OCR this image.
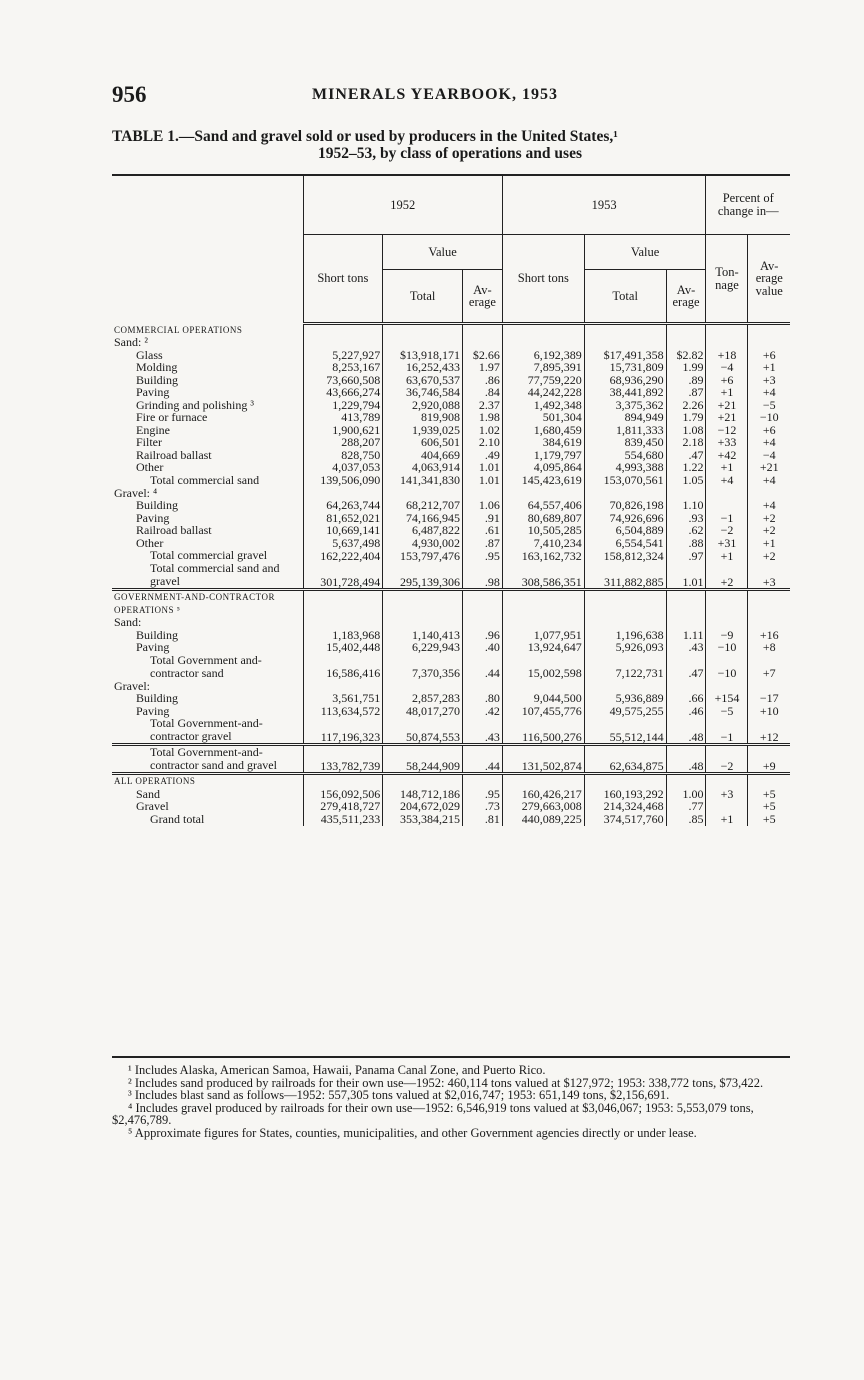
956	MINERALS YEARBOOK, 1953
TABLE 1.—Sand and gravel sold or used by producers in the United States,¹
1952–53, by class of operations and uses
	1952			1953			Percent of change in—	
	Short tons	Value		Short tons	Value		Ton- nage	Av- erage value
		Total	Av- erage		Total	Av- erage		
COMMERCIAL OPERATIONS								
Sand: ²								
Glass	5,227,927	$13,918,171	$2.66	6,192,389	$17,491,358	$2.82	+18	+6
Molding	8,253,167	16,252,433	1.97	7,895,391	15,731,809	1.99	−4	+1
Building	73,660,508	63,670,537	.86	77,759,220	68,936,290	.89	+6	+3
Paving	43,666,274	36,746,584	.84	44,242,228	38,441,892	.87	+1	+4
Grinding and polishing ³	1,229,794	2,920,088	2.37	1,492,348	3,375,362	2.26	+21	−5
Fire or furnace	413,789	819,908	1.98	501,304	894,949	1.79	+21	−10
Engine	1,900,621	1,939,025	1.02	1,680,459	1,811,333	1.08	−12	+6
Filter	288,207	606,501	2.10	384,619	839,450	2.18	+33	+4
Railroad ballast	828,750	404,669	.49	1,179,797	554,680	.47	+42	−4
Other	4,037,053	4,063,914	1.01	4,095,864	4,993,388	1.22	+1	+21
Total commercial sand	139,506,090	141,341,830	1.01	145,423,619	153,070,561	1.05	+4	+4
Gravel: ⁴								
Building	64,263,744	68,212,707	1.06	64,557,406	70,826,198	1.10		+4
Paving	81,652,021	74,166,945	.91	80,689,807	74,926,696	.93	−1	+2
Railroad ballast	10,669,141	6,487,822	.61	10,505,285	6,504,889	.62	−2	+2
Other	5,637,498	4,930,002	.87	7,410,234	6,554,541	.88	+31	+1
Total commercial gravel	162,222,404	153,797,476	.95	163,162,732	158,812,324	.97	+1	+2
Total commercial sand and gravel	301,728,494	295,139,306	.98	308,586,351	311,882,885	1.01	+2	+3
GOVERNMENT-AND-CONTRACTOR OPERATIONS ⁵								
Sand:								
Building	1,183,968	1,140,413	.96	1,077,951	1,196,638	1.11	−9	+16
Paving	15,402,448	6,229,943	.40	13,924,647	5,926,093	.43	−10	+8
Total Government and-contractor sand	16,586,416	7,370,356	.44	15,002,598	7,122,731	.47	−10	+7
Gravel:								
Building	3,561,751	2,857,283	.80	9,044,500	5,936,889	.66	+154	−17
Paving	113,634,572	48,017,270	.42	107,455,776	49,575,255	.46	−5	+10
Total Government-and-contractor gravel	117,196,323	50,874,553	.43	116,500,276	55,512,144	.48	−1	+12
Total Government-and-contractor sand and gravel	133,782,739	58,244,909	.44	131,502,874	62,634,875	.48	−2	+9
ALL OPERATIONS								
Sand	156,092,506	148,712,186	.95	160,426,217	160,193,292	1.00	+3	+5
Gravel	279,418,727	204,672,029	.73	279,663,008	214,324,468	.77		+5
Grand total	435,511,233	353,384,215	.81	440,089,225	374,517,760	.85	+1	+5

¹ Includes Alaska, American Samoa, Hawaii, Panama Canal Zone, and Puerto Rico.

² Includes sand produced by railroads for their own use—1952: 460,114 tons valued at $127,972; 1953: 338,772 tons, $73,422.

³ Includes blast sand as follows—1952: 557,305 tons valued at $2,016,747; 1953: 651,149 tons, $2,156,691.

⁴ Includes gravel produced by railroads for their own use—1952: 6,546,919 tons valued at $3,046,067; 1953: 5,553,079 tons, $2,476,789.

⁵ Approximate figures for States, counties, municipalities, and other Government agencies directly or under lease.
